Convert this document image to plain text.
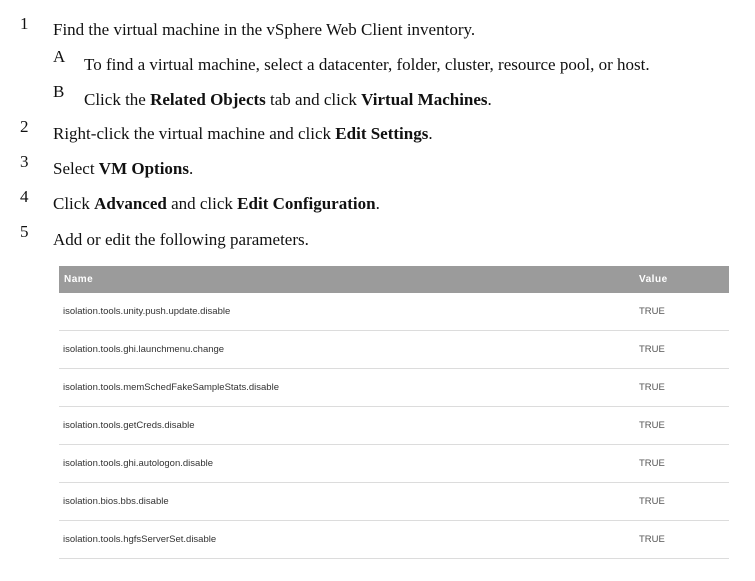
1 Find the virtual machine in the vSphere Web Client inventory.
A To find a virtual machine, select a datacenter, folder, cluster, resource pool, or host.
B Click the Related Objects tab and click Virtual Machines.
2 Right-click the virtual machine and click Edit Settings.
3 Select VM Options.
4 Click Advanced and click Edit Configuration.
5 Add or edit the following parameters.
Name	Value
isolation.tools.unity.push.update.disable	TRUE
isolation.tools.ghi.launchmenu.change	TRUE
isolation.tools.memSchedFakeSampleStats.disable	TRUE
isolation.tools.getCreds.disable	TRUE
isolation.tools.ghi.autologon.disable	TRUE
isolation.bios.bbs.disable	TRUE
isolation.tools.hgfsServerSet.disable	TRUE
